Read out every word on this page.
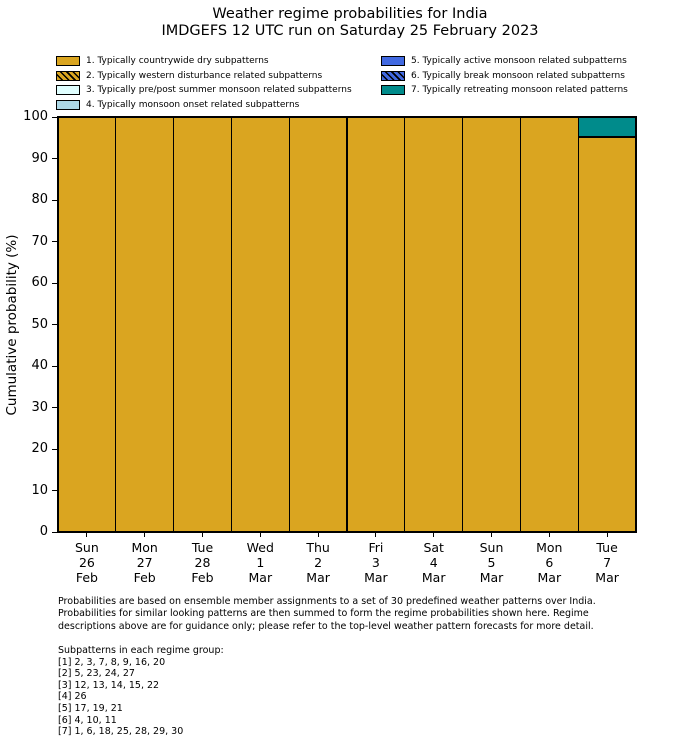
Weather regime probabilities for India
IMDGEFS 12 UTC run on Saturday 25 February 2023
1. Typically countrywide dry subpatterns
2. Typically western disturbance related subpatterns
3. Typically pre/post summer monsoon related subpatterns
4. Typically monsoon onset related subpatterns
5. Typically active monsoon related subpatterns
6. Typically break monsoon related subpatterns
7. Typically retreating monsoon related patterns
Cumulative probability (%)
0
10
20
30
40
50
60
70
80
90
100
Sun
26
Feb
Mon
27
Feb
Tue
28
Feb
Wed
1
Mar
Thu
2
Mar
Fri
3
Mar
Sat
4
Mar
Sun
5
Mar
Mon
6
Mar
Tue
7
Mar
Probabilities are based on ensemble member assignments to a set of 30 predefined weather patterns over India.
Probabilities for similar looking patterns are then summed to form the regime probabilities shown here. Regime
descriptions above are for guidance only; please refer to the top-level weather pattern forecasts for more detail.
Subpatterns in each regime group:
[1] 2, 3, 7, 8, 9, 16, 20
[2] 5, 23, 24, 27
[3] 12, 13, 14, 15, 22
[4] 26
[5] 17, 19, 21
[6] 4, 10, 11
[7] 1, 6, 18, 25, 28, 29, 30
